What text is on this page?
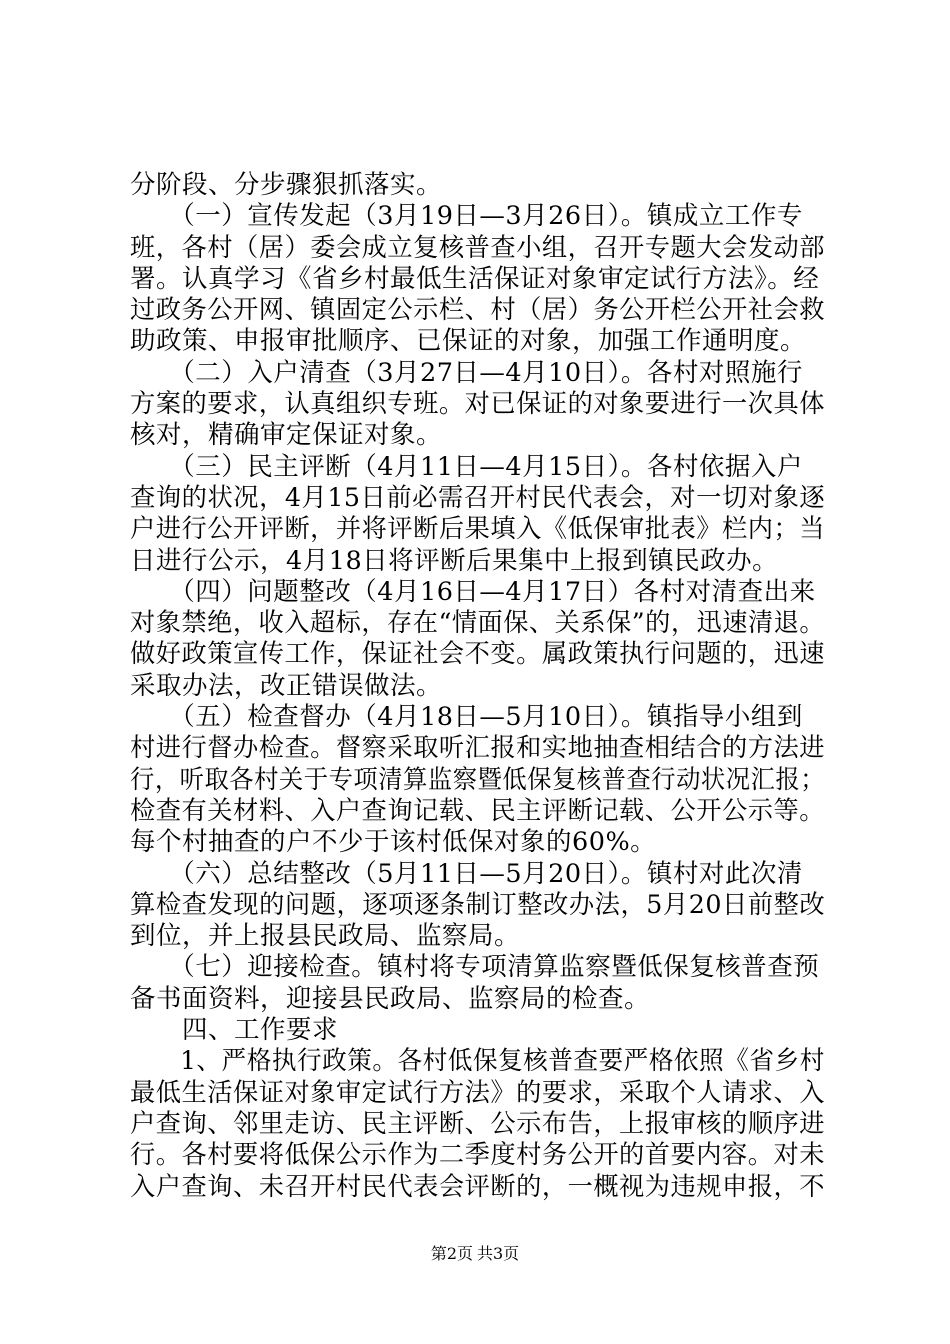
分阶段、分步骤狠抓落实。
　　（一）宣传发起（3月19日—3月26日）。镇成立工作专
班，各村（居）委会成立复核普查小组，召开专题大会发动部
署。认真学习《省乡村最低生活保证对象审定试行方法》。经
过政务公开网、镇固定公示栏、村（居）务公开栏公开社会救
助政策、申报审批顺序、已保证的对象，加强工作通明度。
　　（二）入户清查（3月27日—4月10日）。各村对照施行
方案的要求，认真组织专班。对已保证的对象要进行一次具体
核对，精确审定保证对象。
　　（三）民主评断（4月11日—4月15日）。各村依据入户
查询的状况，4月15日前必需召开村民代表会，对一切对象逐
户进行公开评断，并将评断后果填入《低保审批表》栏内；当
日进行公示，4月18日将评断后果集中上报到镇民政办。
　　（四）问题整改（4月16日—4月17日）各村对清查出来
对象禁绝，收入超标，存在“情面保、关系保”的，迅速清退。
做好政策宣传工作，保证社会不变。属政策执行问题的，迅速
采取办法，改正错误做法。
　　（五）检查督办（4月18日—5月10日）。镇指导小组到
村进行督办检查。督察采取听汇报和实地抽查相结合的方法进
行，听取各村关于专项清算监察暨低保复核普查行动状况汇报；
检查有关材料、入户查询记载、民主评断记载、公开公示等。
每个村抽查的户不少于该村低保对象的60%。
　　（六）总结整改（5月11日—5月20日）。镇村对此次清
算检查发现的问题，逐项逐条制订整改办法，5月20日前整改
到位，并上报县民政局、监察局。
　　（七）迎接检查。镇村将专项清算监察暨低保复核普查预
备书面资料，迎接县民政局、监察局的检查。
　　四、工作要求
　　1、严格执行政策。各村低保复核普查要严格依照《省乡村
最低生活保证对象审定试行方法》的要求，采取个人请求、入
户查询、邻里走访、民主评断、公示布告，上报审核的顺序进
行。各村要将低保公示作为二季度村务公开的首要内容。对未
入户查询、未召开村民代表会评断的，一概视为违规申报，不
第2页 共3页
